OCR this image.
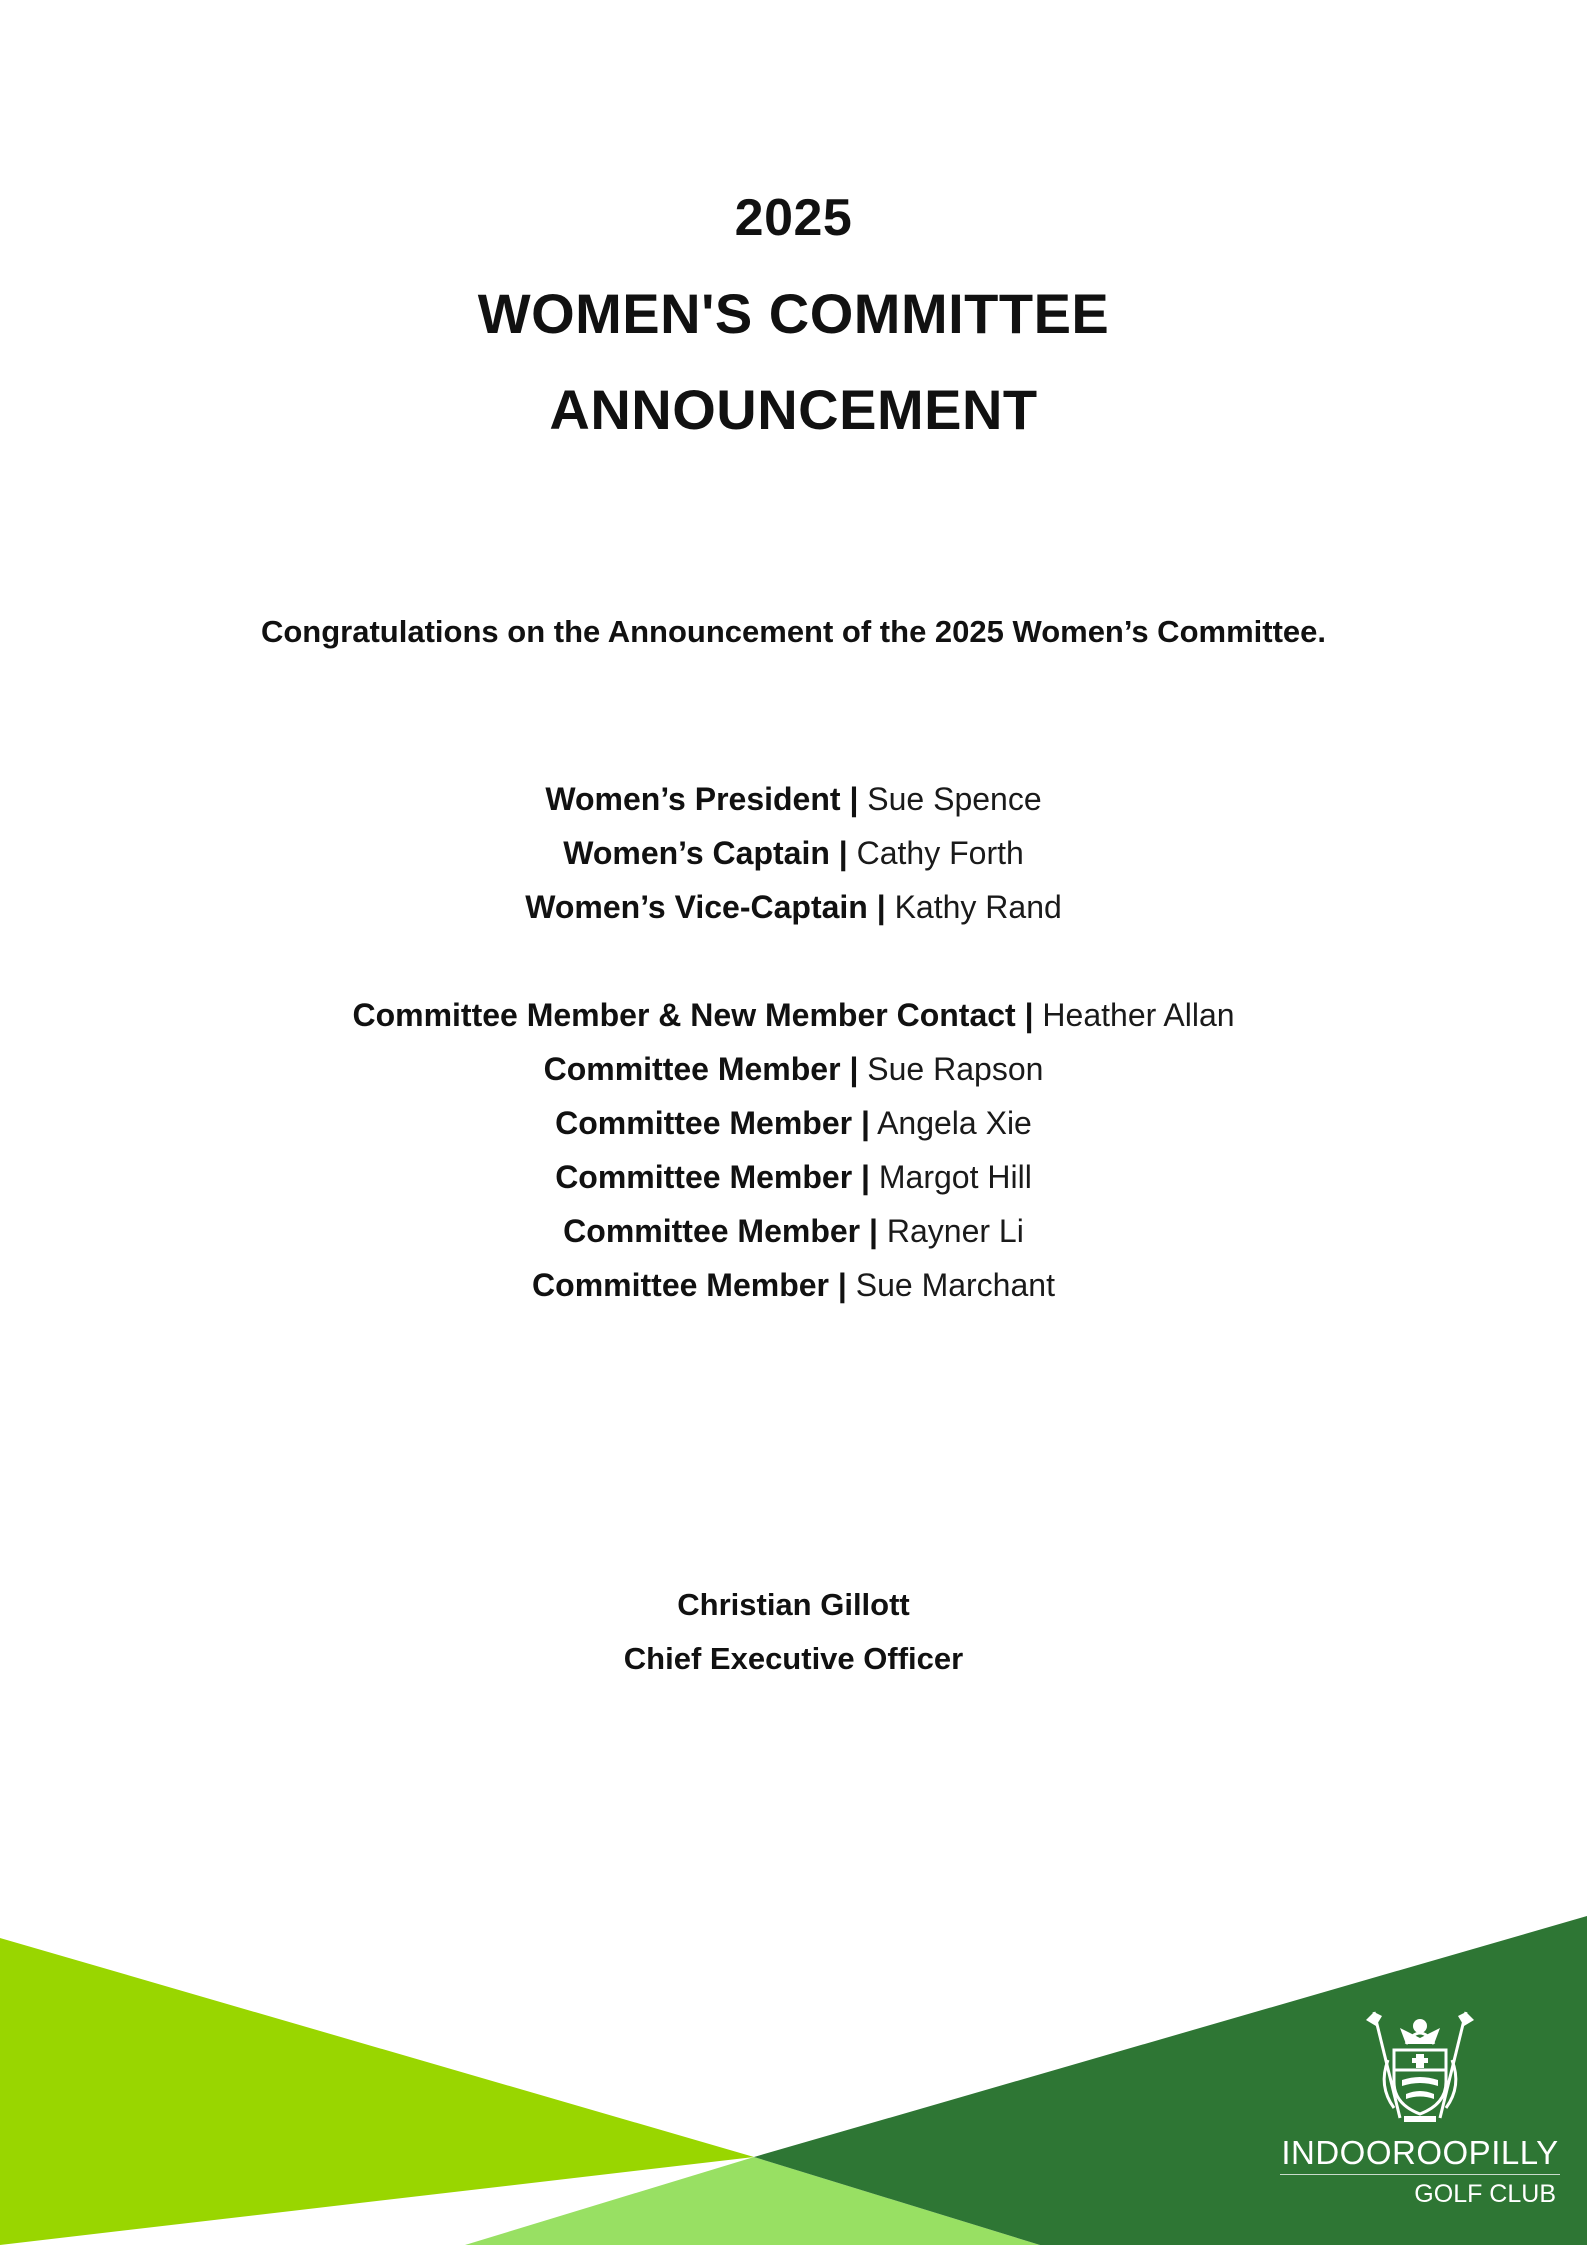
2025
WOMEN'S COMMITTEE
ANNOUNCEMENT
Congratulations on the Announcement of the 2025 Women’s Committee.
Women’s President | Sue Spence
Women’s Captain | Cathy Forth
Women’s Vice-Captain | Kathy Rand
Committee Member & New Member Contact | Heather Allan
Committee Member | Sue Rapson
Committee Member | Angela Xie
Committee Member | Margot Hill
Committee Member | Rayner Li
Committee Member | Sue Marchant
Christian Gillott
Chief Executive Officer
INDOOROOPILLY
GOLF CLUB
